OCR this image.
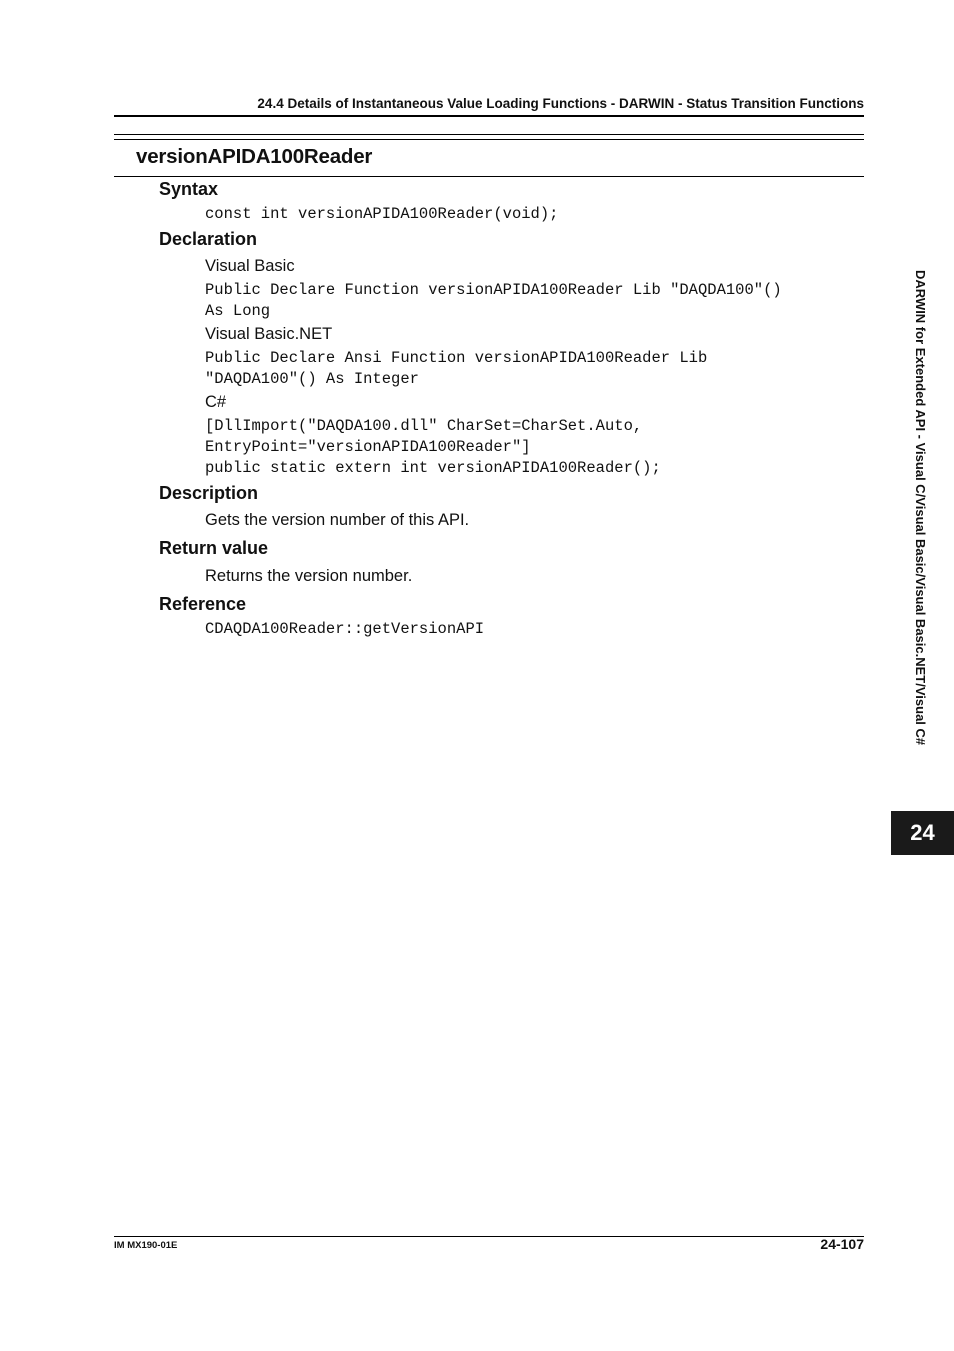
24.4 Details of Instantaneous Value Loading Functions - DARWIN - Status Transition Functions
versionAPIDA100Reader
Syntax
const int versionAPIDA100Reader(void);
Declaration
Visual Basic
Public Declare Function versionAPIDA100Reader Lib "DAQDA100"()
As Long
Visual Basic.NET
Public Declare Ansi Function versionAPIDA100Reader Lib
"DAQDA100"() As Integer
C#
[DllImport("DAQDA100.dll" CharSet=CharSet.Auto,
EntryPoint="versionAPIDA100Reader"]
public static extern int versionAPIDA100Reader();
Description
Gets the version number of this API.
Return value
Returns the version number.
Reference
CDAQDA100Reader::getVersionAPI	DARWIN for Extended API - Visual C/Visual Basic/Visual Basic.NET/Visual C#
24
IM MX190-01E	24-107
